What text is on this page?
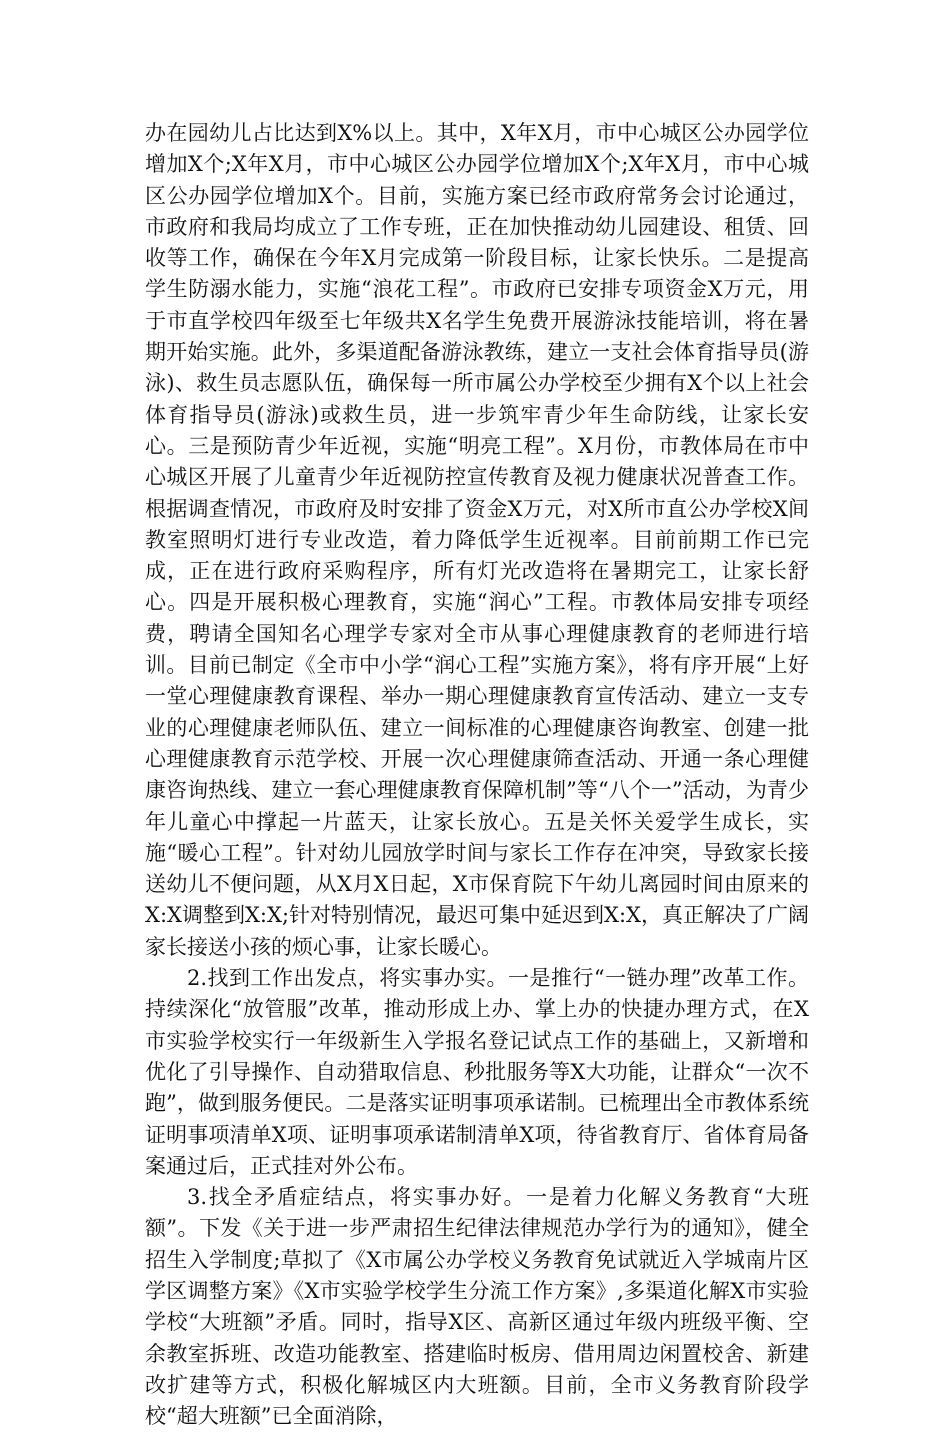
办在园幼儿占比达到X%以上。其中，X年X月，市中心城区公办园学位增加X个;X年X月，市中心城区公办园学位增加X个;X年X月，市中心城区公办园学位增加X个。目前，实施方案已经市政府常务会讨论通过，市政府和我局均成立了工作专班，正在加快推动幼儿园建设、租赁、回收等工作，确保在今年X月完成第一阶段目标，让家长快乐。二是提高学生防溺水能力，实施“浪花工程”。市政府已安排专项资金X万元，用于市直学校四年级至七年级共X名学生免费开展游泳技能培训，将在暑期开始实施。此外，多渠道配备游泳教练，建立一支社会体育指导员(游泳)、救生员志愿队伍，确保每一所市属公办学校至少拥有X个以上社会体育指导员(游泳)或救生员，进一步筑牢青少年生命防线，让家长安心。三是预防青少年近视，实施“明亮工程”。X月份，市教体局在市中心城区开展了儿童青少年近视防控宣传教育及视力健康状况普查工作。根据调查情况，市政府及时安排了资金X万元，对X所市直公办学校X间教室照明灯进行专业改造，着力降低学生近视率。目前前期工作已完成，正在进行政府采购程序，所有灯光改造将在暑期完工，让家长舒心。四是开展积极心理教育，实施“润心”工程。市教体局安排专项经费，聘请全国知名心理学专家对全市从事心理健康教育的老师进行培训。目前已制定《全市中小学“润心工程”实施方案》，将有序开展“上好一堂心理健康教育课程、举办一期心理健康教育宣传活动、建立一支专业的心理健康老师队伍、建立一间标准的心理健康咨询教室、创建一批心理健康教育示范学校、开展一次心理健康筛查活动、开通一条心理健康咨询热线、建立一套心理健康教育保障机制”等“八个一”活动，为青少年儿童心中撑起一片蓝天，让家长放心。五是关怀关爱学生成长，实施“暖心工程”。针对幼儿园放学时间与家长工作存在冲突，导致家长接送幼儿不便问题，从X月X日起，X市保育院下午幼儿离园时间由原来的X:X调整到X:X;针对特别情况，最迟可集中延迟到X:X，真正解决了广阔家长接送小孩的烦心事，让家长暖心。

2.找到工作出发点，将实事办实。一是推行“一链办理”改革工作。持续深化“放管服”改革，推动形成上办、掌上办的快捷办理方式，在X市实验学校实行一年级新生入学报名登记试点工作的基础上，又新增和优化了引导操作、自动猎取信息、秒批服务等X大功能，让群众“一次不跑”，做到服务便民。二是落实证明事项承诺制。已梳理出全市教体系统证明事项清单X项、证明事项承诺制清单X项，待省教育厅、省体育局备案通过后，正式挂对外公布。

3.找全矛盾症结点，将实事办好。一是着力化解义务教育“大班额”。下发《关于进一步严肃招生纪律法律规范办学行为的通知》，健全招生入学制度;草拟了《X市属公办学校义务教育免试就近入学城南片区学区调整方案》《X市实验学校学生分流工作方案》,多渠道化解X市实验学校“大班额”矛盾。同时，指导X区、高新区通过年级内班级平衡、空余教室拆班、改造功能教室、搭建临时板房、借用周边闲置校舍、新建改扩建等方式，积极化解城区内大班额。目前，全市义务教育阶段学校“超大班额”已全面消除，
